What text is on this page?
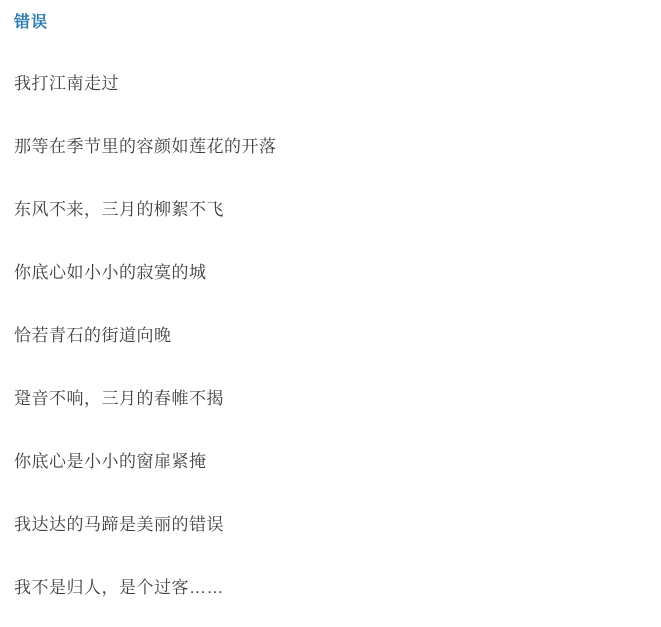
错误

我打江南走过

那等在季节里的容颜如莲花的开落

东风不来，三月的柳絮不飞

你底心如小小的寂寞的城

恰若青石的街道向晚

跫音不响，三月的春帷不揭

你底心是小小的窗扉紧掩

我达达的马蹄是美丽的错误

我不是归人，是个过客……
